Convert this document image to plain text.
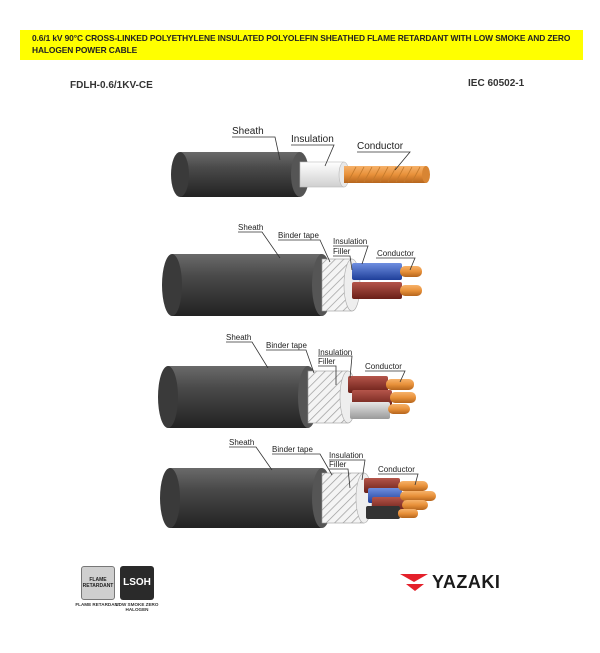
0.6/1 kV 90°C CROSS-LINKED POLYETHYLENE INSULATED POLYOLEFIN SHEATHED FLAME RETARDANT WITH LOW SMOKE AND ZERO HALOGEN POWER CABLE
FDLH-0.6/1KV-CE	IEC 60502-1
Sheath
Insulation
Conductor
Sheath
Binder tape
Insulation
Filler	Conductor
Sheath
Binder tape
Insulation
Filler
Conductor
Sheath
Binder tape
Insulation
Filler
Conductor
FLAME RETARDANT LSOH
FLAME RETARDANT
LOW SMOKE ZERO HALOGEN
YAZAKI
